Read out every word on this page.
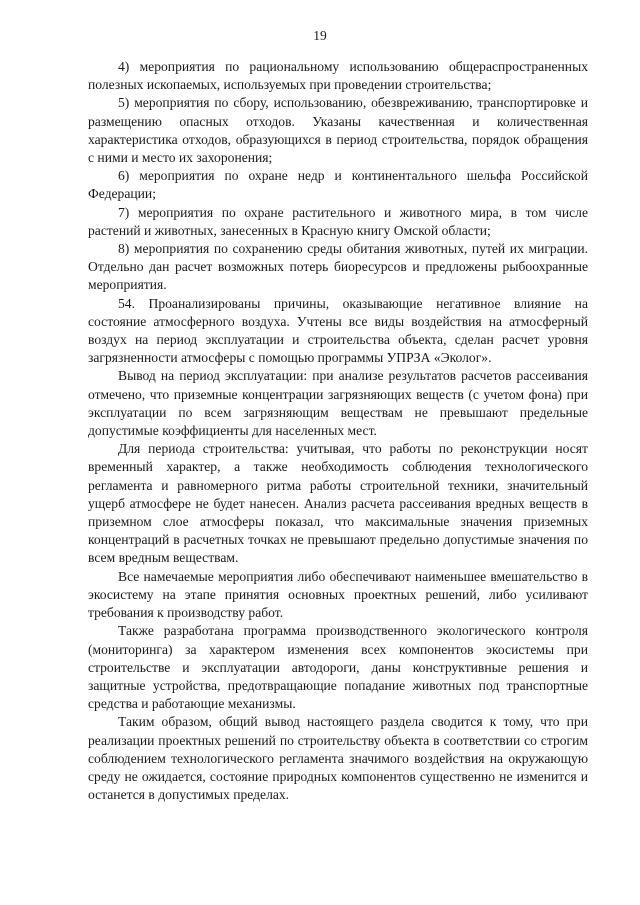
19

4) мероприятия по рациональному использованию общераспространенных полезных ископаемых, используемых при проведении строительства;

5) мероприятия по сбору, использованию, обезвреживанию, транспортировке и размещению опасных отходов. Указаны качественная и количественная характеристика отходов, образующихся в период строительства, порядок обращения с ними и место их захоронения;

6) мероприятия по охране недр и континентального шельфа Российской Федерации;

7) мероприятия по охране растительного и животного мира, в том числе растений и животных, занесенных в Красную книгу Омской области;

8) мероприятия по сохранению среды обитания животных, путей их миграции. Отдельно дан расчет возможных потерь биоресурсов и предложены рыбоохранные мероприятия.

54. Проанализированы причины, оказывающие негативное влияние на состояние атмосферного воздуха. Учтены все виды воздействия на атмосферный воздух на период эксплуатации и строительства объекта, сделан расчет уровня загрязненности атмосферы с помощью программы УПРЗА «Эколог».

Вывод на период эксплуатации: при анализе результатов расчетов рассеивания отмечено, что приземные концентрации загрязняющих веществ (с учетом фона) при эксплуатации по всем загрязняющим веществам не превышают предельные допустимые коэффициенты для населенных мест.

Для периода строительства: учитывая, что работы по реконструкции носят временный характер, а также необходимость соблюдения технологического регламента и равномерного ритма работы строительной техники, значительный ущерб атмосфере не будет нанесен. Анализ расчета рассеивания вредных веществ в приземном слое атмосферы показал, что максимальные значения приземных концентраций в расчетных точках не превышают предельно допустимые значения по всем вредным веществам.

Все намечаемые мероприятия либо обеспечивают наименьшее вмешательство в экосистему на этапе принятия основных проектных решений, либо усиливают требования к производству работ.

Также разработана программа производственного экологического контроля (мониторинга) за характером изменения всех компонентов экосистемы при строительстве и эксплуатации автодороги, даны конструктивные решения и защитные устройства, предотвращающие попадание животных под транспортные средства и работающие механизмы.

Таким образом, общий вывод настоящего раздела сводится к тому, что при реализации проектных решений по строительству объекта в соответствии со строгим соблюдением технологического регламента значимого воздействия на окружающую среду не ожидается, состояние природных компонентов существенно не изменится и останется в допустимых пределах.
